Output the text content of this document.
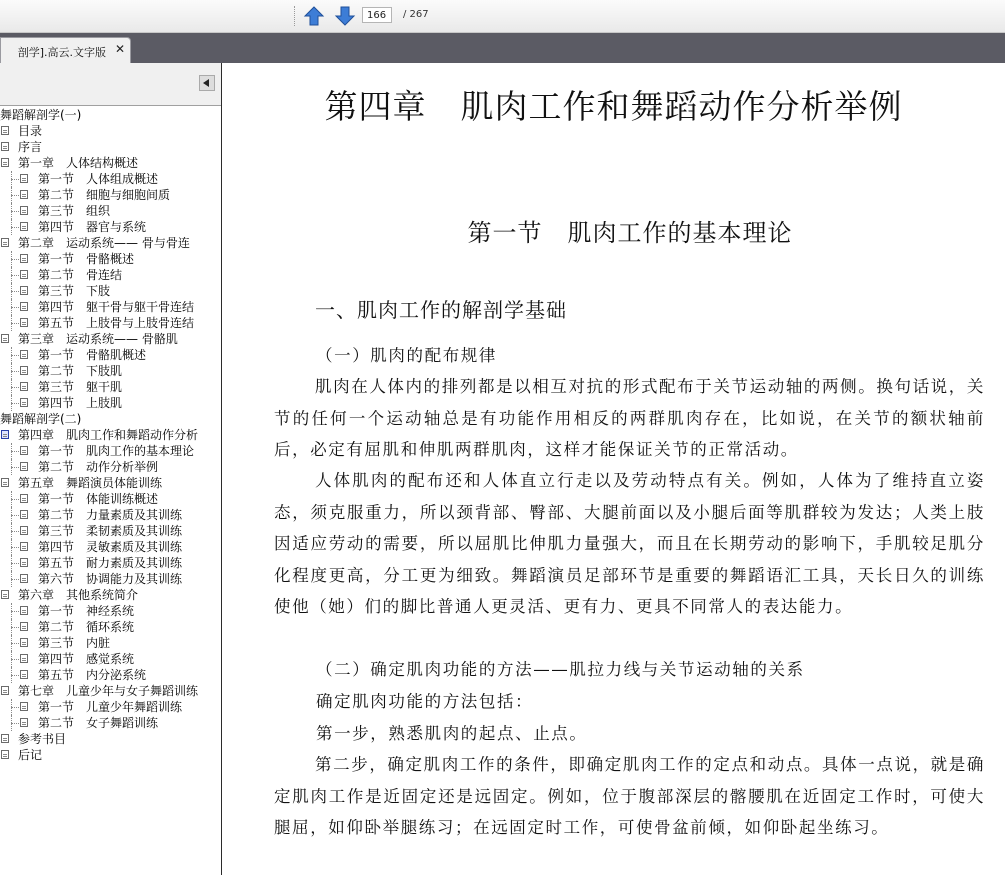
166
/ 267
剖学].高云.文字版 ✕
舞蹈解剖学(一)
目录
序言
第一章　人体结构概述
第一节　人体组成概述
第二节　细胞与细胞间质
第三节　组织
第四节　器官与系统
第二章　运动系统—— 骨与骨连
第一节　骨骼概述
第二节　骨连结
第三节　下肢
第四节　躯干骨与躯干骨连结
第五节　上肢骨与上肢骨连结
第三章　运动系统—— 骨骼肌
第一节　骨骼肌概述
第二节　下肢肌
第三节　躯干肌
第四节　上肢肌
舞蹈解剖学(二)
第四章　肌肉工作和舞蹈动作分析
第一节　肌肉工作的基本理论
第二节　动作分析举例
第五章　舞蹈演员体能训练
第一节　体能训练概述
第二节　力量素质及其训练
第三节　柔韧素质及其训练
第四节　灵敏素质及其训练
第五节　耐力素质及其训练
第六节　协调能力及其训练
第六章　其他系统简介
第一节　神经系统
第二节　循环系统
第三节　内脏
第四节　感觉系统
第五节　内分泌系统
第七章　儿童少年与女子舞蹈训练
第一节　儿童少年舞蹈训练
第二节　女子舞蹈训练
参考书目
后记
第四章　肌肉工作和舞蹈动作分析举例
第一节　肌肉工作的基本理论
一、肌肉工作的解剖学基础
（一）肌肉的配布规律
肌肉在人体内的排列都是以相互对抗的形式配布于关节运动轴的两侧。换句话说，关节的任何一个运动轴总是有功能作用相反的两群肌肉存在，比如说，在关节的额状轴前后，必定有屈肌和伸肌两群肌肉，这样才能保证关节的正常活动。
人体肌肉的配布还和人体直立行走以及劳动特点有关。例如，人体为了维持直立姿态，须克服重力，所以颈背部、臀部、大腿前面以及小腿后面等肌群较为发达；人类上肢因适应劳动的需要，所以屈肌比伸肌力量强大，而且在长期劳动的影响下，手肌较足肌分化程度更高，分工更为细致。舞蹈演员足部环节是重要的舞蹈语汇工具，天长日久的训练使他（她）们的脚比普通人更灵活、更有力、更具不同常人的表达能力。
（二）确定肌肉功能的方法——肌拉力线与关节运动轴的关系
确定肌肉功能的方法包括：
第一步，熟悉肌肉的起点、止点。
第二步，确定肌肉工作的条件，即确定肌肉工作的定点和动点。具体一点说，就是确定肌肉工作是近固定还是远固定。例如，位于腹部深层的髂腰肌在近固定工作时，可使大腿屈，如仰卧举腿练习；在远固定时工作，可使骨盆前倾，如仰卧起坐练习。
